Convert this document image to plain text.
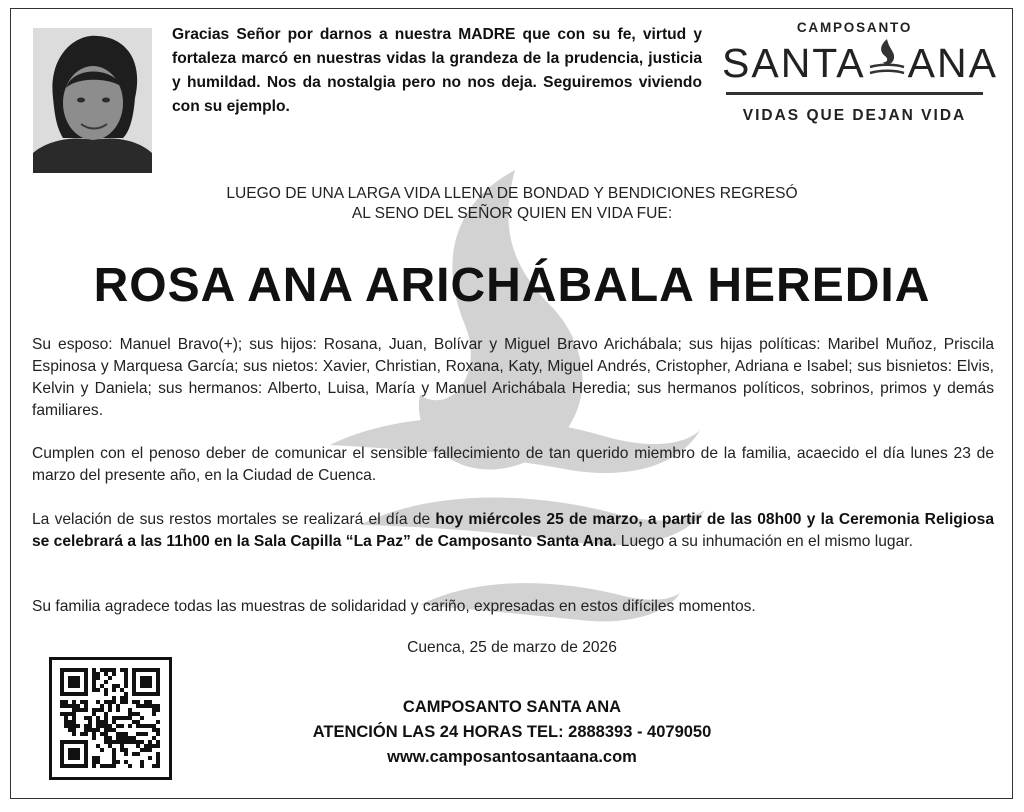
Gracias Señor por darnos a nuestra MADRE que con su fe, virtud y fortaleza marcó en nuestras vidas la grandeza de la prudencia, justicia y humildad. Nos da nostalgia pero no nos deja. Seguiremos viviendo con su ejemplo.
CAMPOSANTO
SANTA ANA
VIDAS QUE DEJAN VIDA
LUEGO DE UNA LARGA VIDA LLENA DE BONDAD Y BENDICIONES REGRESÓ
AL SENO DEL SEÑOR QUIEN EN VIDA FUE:
ROSA ANA ARICHÁBALA HEREDIA
Su esposo: Manuel Bravo(+); sus hijos: Rosana, Juan, Bolívar y Miguel Bravo Arichábala; sus hijas políticas: Maribel Muñoz, Priscila Espinosa y Marquesa García; sus nietos: Xavier, Christian, Roxana, Katy, Miguel Andrés, Cristopher, Adriana e Isabel; sus bisnietos: Elvis, Kelvin y Daniela; sus hermanos: Alberto, Luisa, María y Manuel Arichábala Heredia; sus hermanos políticos, sobrinos, primos y demás familiares.
Cumplen con el penoso deber de comunicar el sensible fallecimiento de tan querido miembro de la familia, acaecido el día lunes 23 de marzo del presente año, en la Ciudad de Cuenca.
La velación de sus restos mortales se realizará el día de hoy miércoles 25 de marzo, a partir de las 08h00 y la Ceremonia Religiosa se celebrará a las 11h00 en la Sala Capilla “La Paz” de Camposanto Santa Ana. Luego a su inhumación en el mismo lugar.
Su familia agradece todas las muestras de solidaridad y cariño, expresadas en estos difíciles momentos.
Cuenca, 25 de marzo de 2026
CAMPOSANTO SANTA ANA
ATENCIÓN LAS 24 HORAS TEL: 2888393 - 4079050
www.camposantosantaana.com
